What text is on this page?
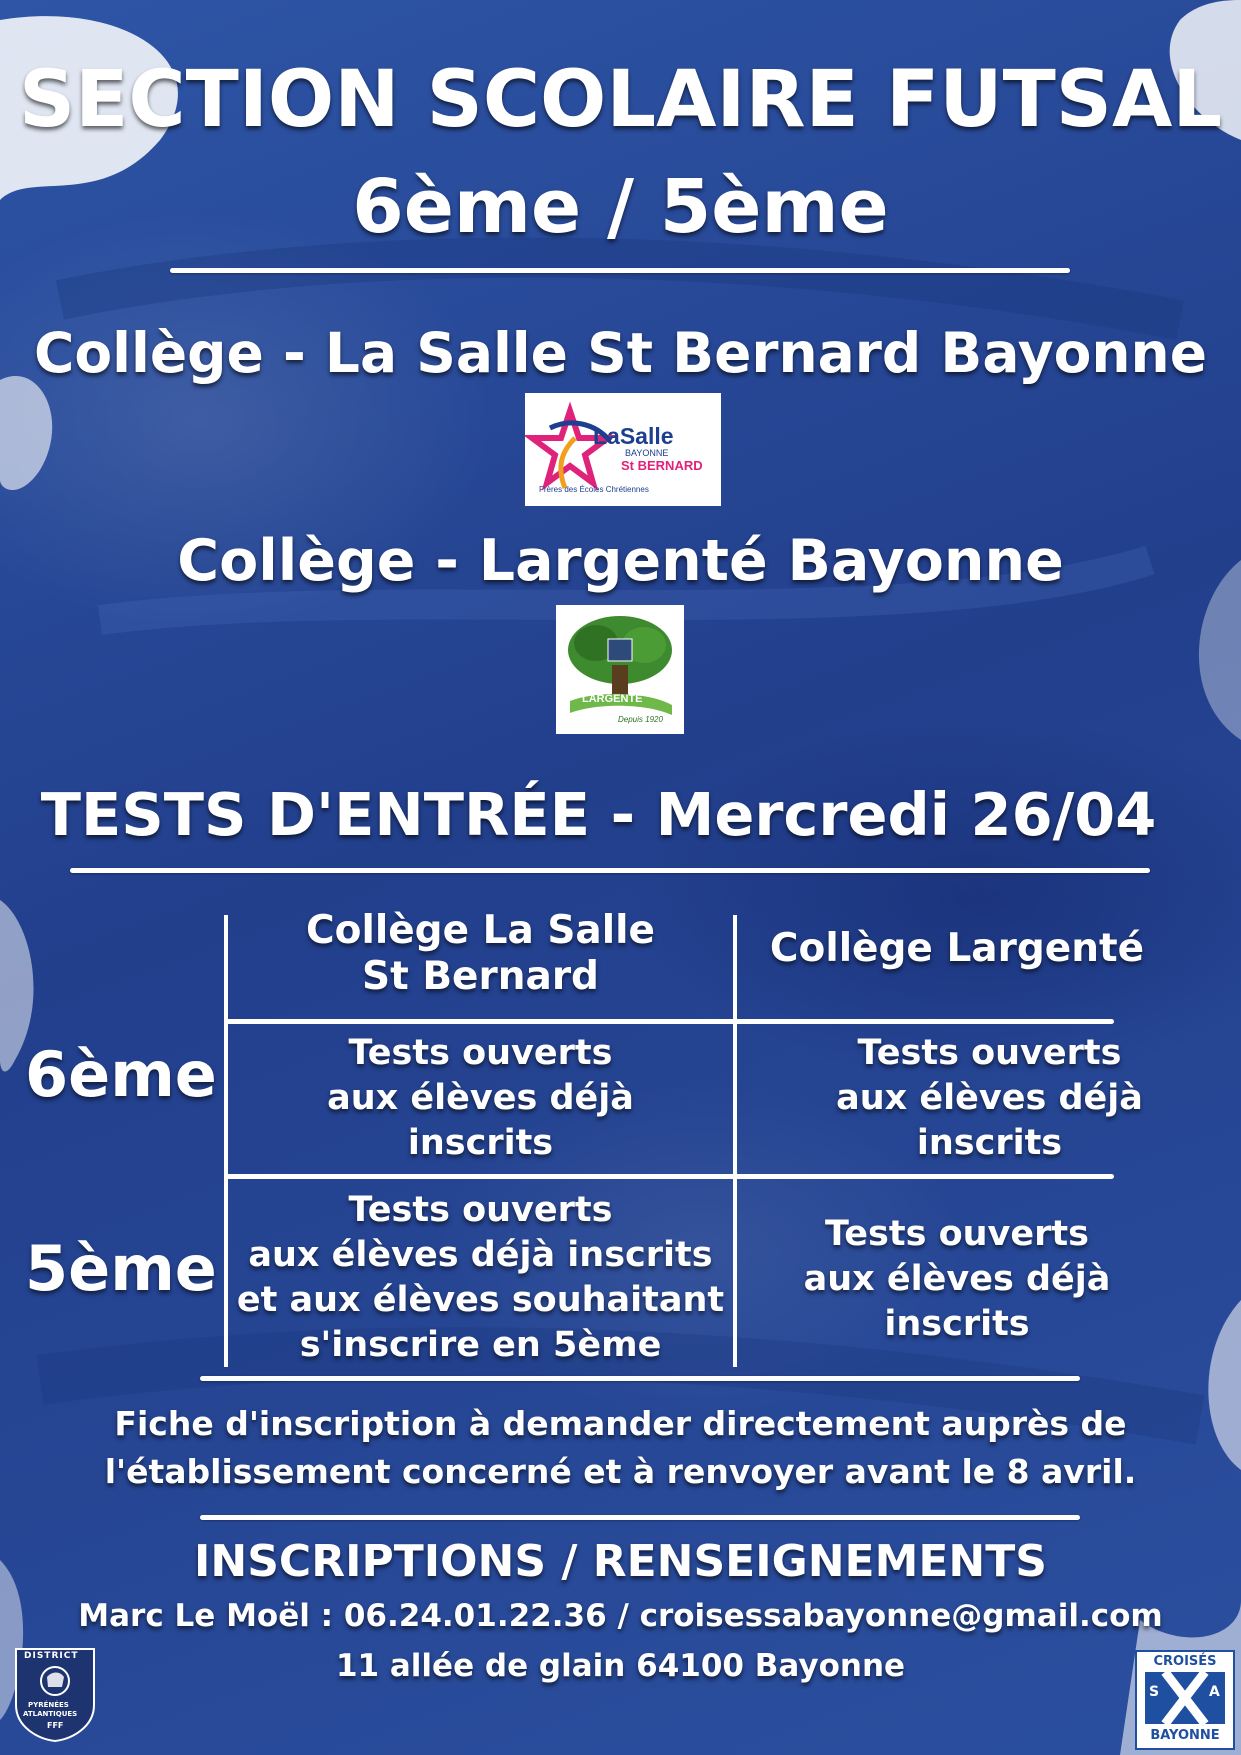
SECTION SCOLAIRE FUTSAL
6ème / 5ème
Collège - La Salle St Bernard Bayonne
LaSalle
BAYONNE
St BERNARD
Frères des Écoles Chrétiennes
Collège - Largenté Bayonne
LARGENTÉ
Depuis 1920
TESTS D'ENTRÉE - Mercredi 26/04
Collège La Salle
St Bernard
Collège Largenté
6ème
5ème
Tests ouverts
aux élèves déjà
inscrits
Tests ouverts
aux élèves déjà
inscrits
Tests ouverts
aux élèves déjà inscrits
et aux élèves souhaitant
s'inscrire en 5ème
Tests ouverts
aux élèves déjà
inscrits
Fiche d'inscription à demander directement auprès de
l'établissement concerné et à renvoyer avant le 8 avril.
INSCRIPTIONS / RENSEIGNEMENTS
Marc Le Moël : 06.24.01.22.36 / croisessabayonne@gmail.com
11 allée de glain 64100 Bayonne
DISTRICT
PYRÉNÉES
ATLANTIQUES
FFF
CROISÉS
S	A
BAYONNE
